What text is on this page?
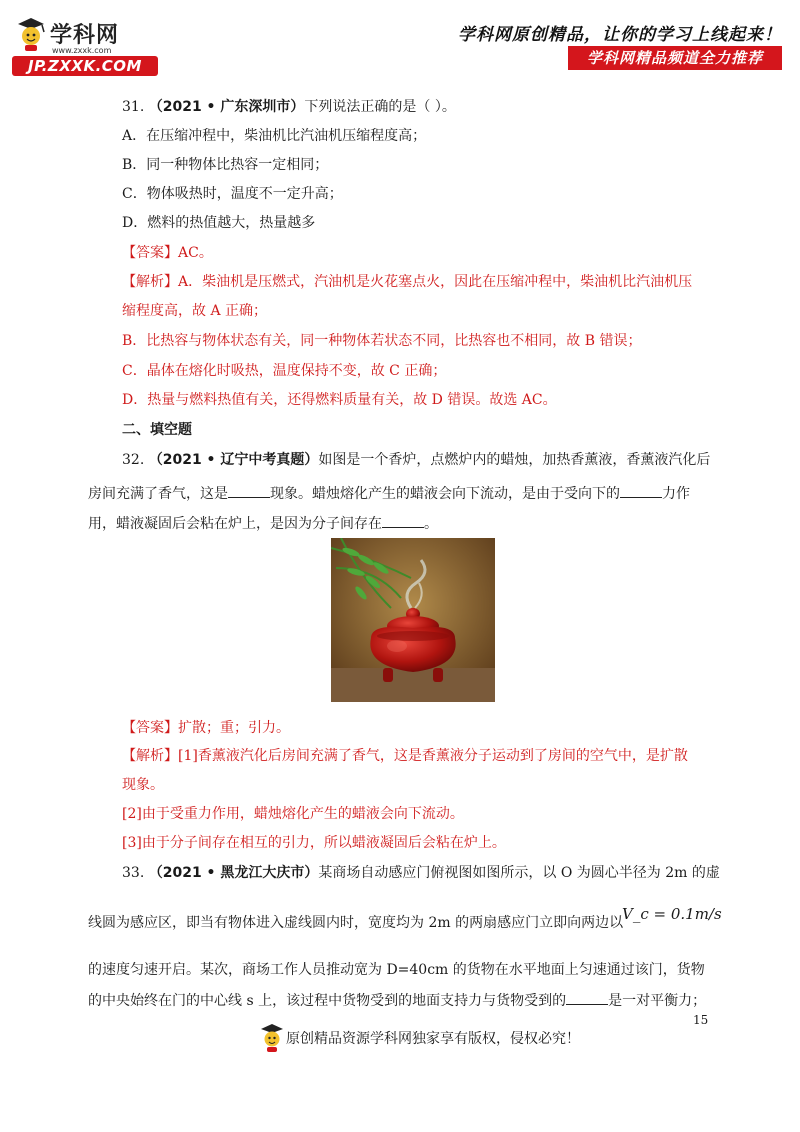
学科网
www.zxxk.com
JP.ZXXK.COM
学科网原创精品，让你的学习上线起来！
学科网精品频道全力推荐
31. （2021 • 广东深圳市）下列说法正确的是（ ）。
A．在压缩冲程中，柴油机比汽油机压缩程度高；
B．同一种物体比热容一定相同；
C．物体吸热时，温度不一定升高；
D．燃料的热值越大，热量越多
【答案】AC。
【解析】A．柴油机是压燃式，汽油机是火花塞点火，因此在压缩冲程中，柴油机比汽油机压
缩程度高，故 A 正确；
B．比热容与物体状态有关，同一种物体若状态不同，比热容也不相同，故 B 错误；
C．晶体在熔化时吸热，温度保持不变，故 C 正确；
D．热量与燃料热值有关，还得燃料质量有关，故 D 错误。故选 AC。
二、填空题
32. （2021 • 辽宁中考真题）如图是一个香炉，点燃炉内的蜡烛，加热香薰液，香薰液汽化后
房间充满了香气，这是	现象。蜡烛熔化产生的蜡液会向下流动，是由于受向下的	力作
用，蜡液凝固后会粘在炉上，是因为分子间存在	。
【答案】扩散；重；引力。
【解析】[1]香薰液汽化后房间充满了香气，这是香薰液分子运动到了房间的空气中，是扩散
现象。
[2]由于受重力作用，蜡烛熔化产生的蜡液会向下流动。
[3]由于分子间存在相互的引力，所以蜡液凝固后会粘在炉上。
33. （2021 • 黑龙江大庆市）某商场自动感应门俯视图如图所示，以 O 为圆心半径为 2m 的虚
线圆为感应区，即当有物体进入虚线圆内时，宽度均为 2m 的两扇感应门立即向两边以
V_c = 0.1m/s
的速度匀速开启。某次，商场工作人员推动宽为 D=40cm 的货物在水平地面上匀速通过该门，货物
的中央始终在门的中心线 s 上，该过程中货物受到的地面支持力与货物受到的	是一对平衡力；
15
原创精品资源学科网独家享有版权，侵权必究！
